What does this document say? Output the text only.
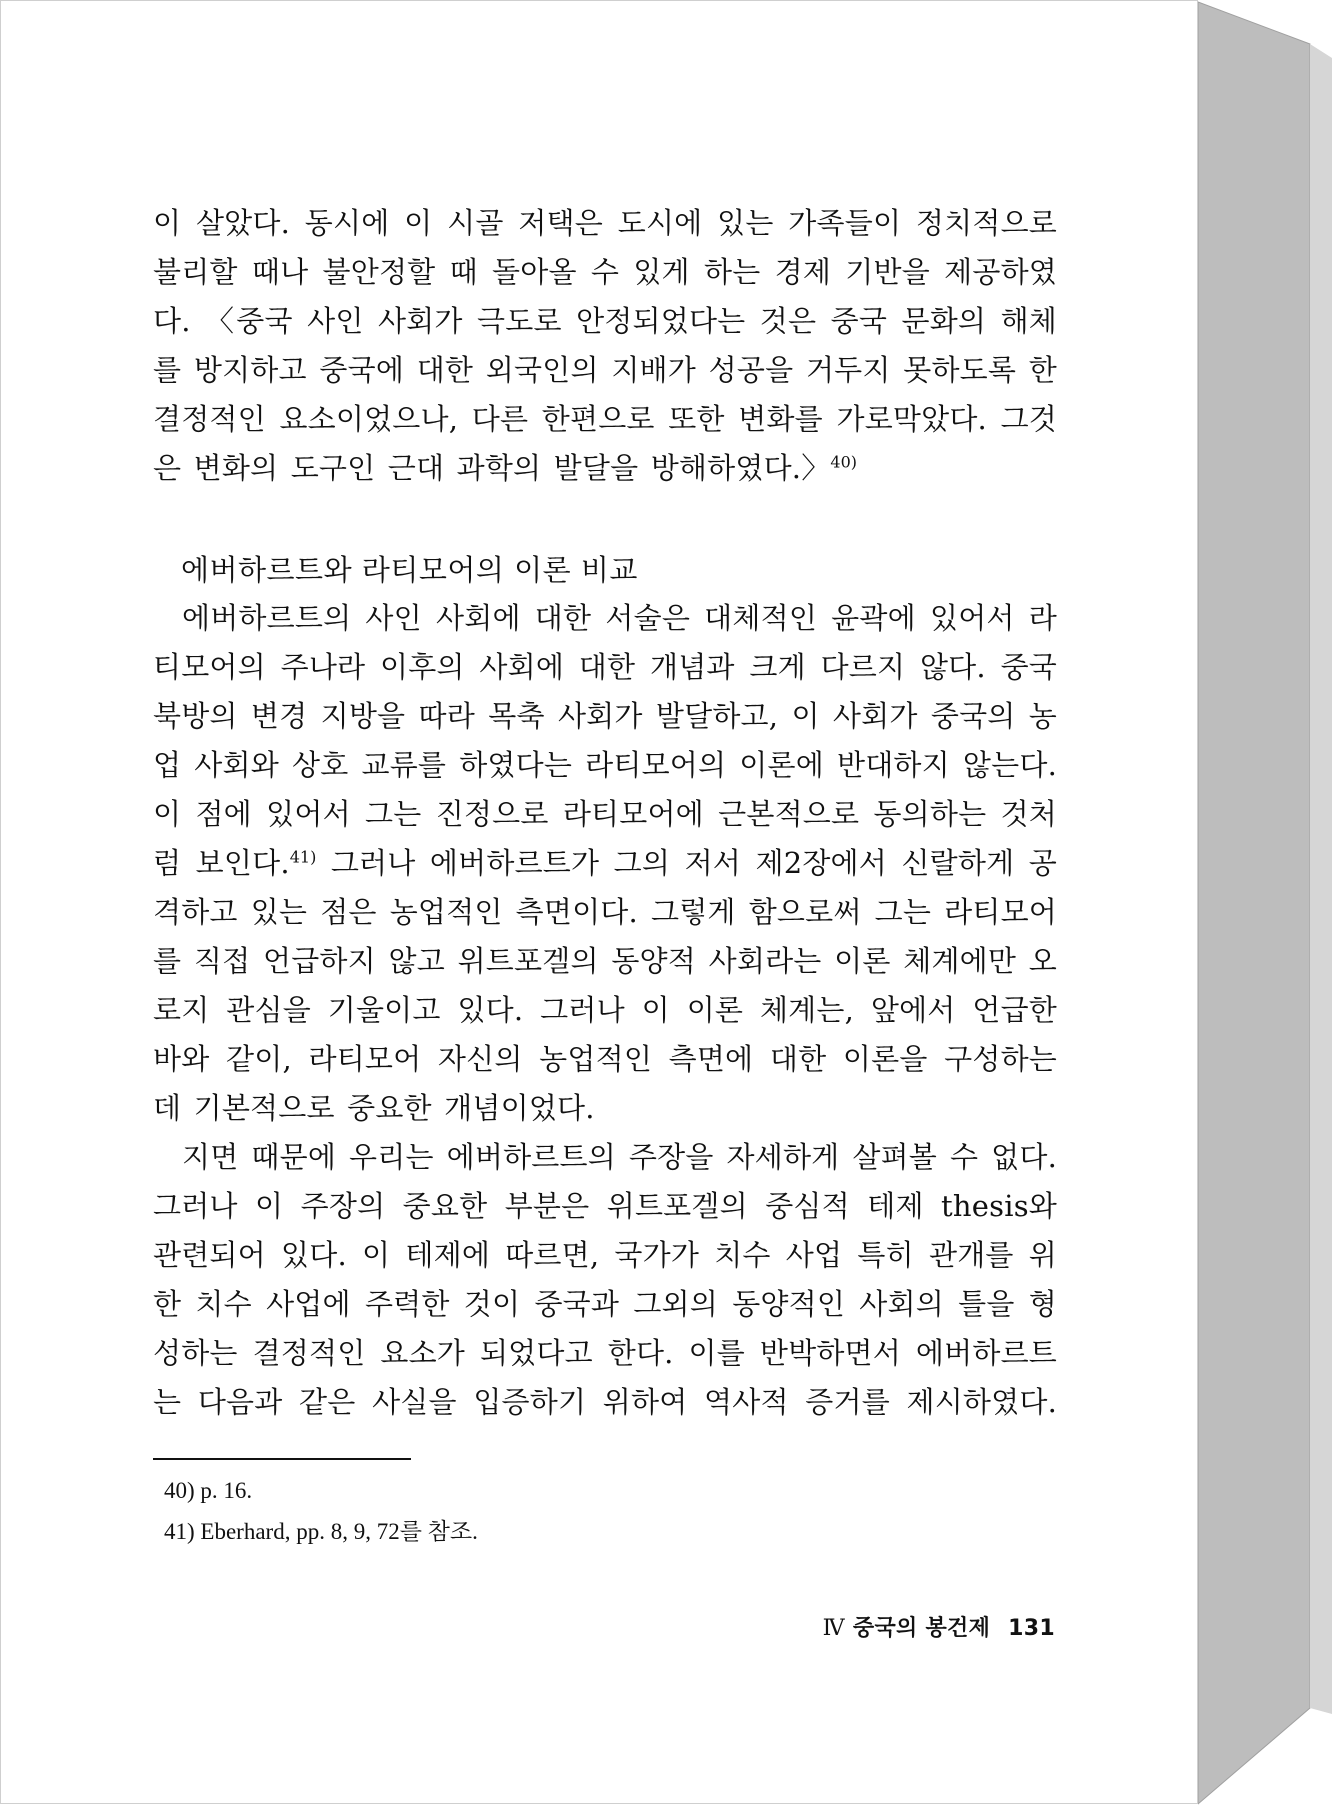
이 살았다. 동시에 이 시골 저택은 도시에 있는 가족들이 정치적으로 불리할 때나 불안정할 때 돌아올 수 있게 하는 경제 기반을 제공하였다. 〈중국 사인 사회가 극도로 안정되었다는 것은 중국 문화의 해체를 방지하고 중국에 대한 외국인의 지배가 성공을 거두지 못하도록 한 결정적인 요소이었으나, 다른 한편으로 또한 변화를 가로막았다. 그것은 변화의 도구인 근대 과학의 발달을 방해하였다.〉$^{40)}$

에버하르트와 라티모어의 이론 비교

에버하르트의 사인 사회에 대한 서술은 대체적인 윤곽에 있어서 라티모어의 주나라 이후의 사회에 대한 개념과 크게 다르지 않다. 중국 북방의 변경 지방을 따라 목축 사회가 발달하고, 이 사회가 중국의 농업 사회와 상호 교류를 하였다는 라티모어의 이론에 반대하지 않는다. 이 점에 있어서 그는 진정으로 라티모어에 근본적으로 동의하는 것처럼 보인다.$^{41)}$ 그러나 에버하르트가 그의 저서 제2장에서 신랄하게 공격하고 있는 점은 농업적인 측면이다. 그렇게 함으로써 그는 라티모어를 직접 언급하지 않고 위트포겔의 동양적 사회라는 이론 체계에만 오로지 관심을 기울이고 있다. 그러나 이 이론 체계는, 앞에서 언급한 바와 같이, 라티모어 자신의 농업적인 측면에 대한 이론을 구성하는 데 기본적으로 중요한 개념이었다.

지면 때문에 우리는 에버하르트의 주장을 자세하게 살펴볼 수 없다. 그러나 이 주장의 중요한 부분은 위트포겔의 중심적 테제 thesis와 관련되어 있다. 이 테제에 따르면, 국가가 치수 사업 특히 관개를 위한 치수 사업에 주력한 것이 중국과 그외의 동양적인 사회의 틀을 형성하는 결정적인 요소가 되었다고 한다. 이를 반박하면서 에버하르트는 다음과 같은 사실을 입증하기 위하여 역사적 증거를 제시하였다.

40) p. 16.
41) Eberhard, pp. 8, 9, 72를 참조.
Ⅳ 중국의 봉건제 131
